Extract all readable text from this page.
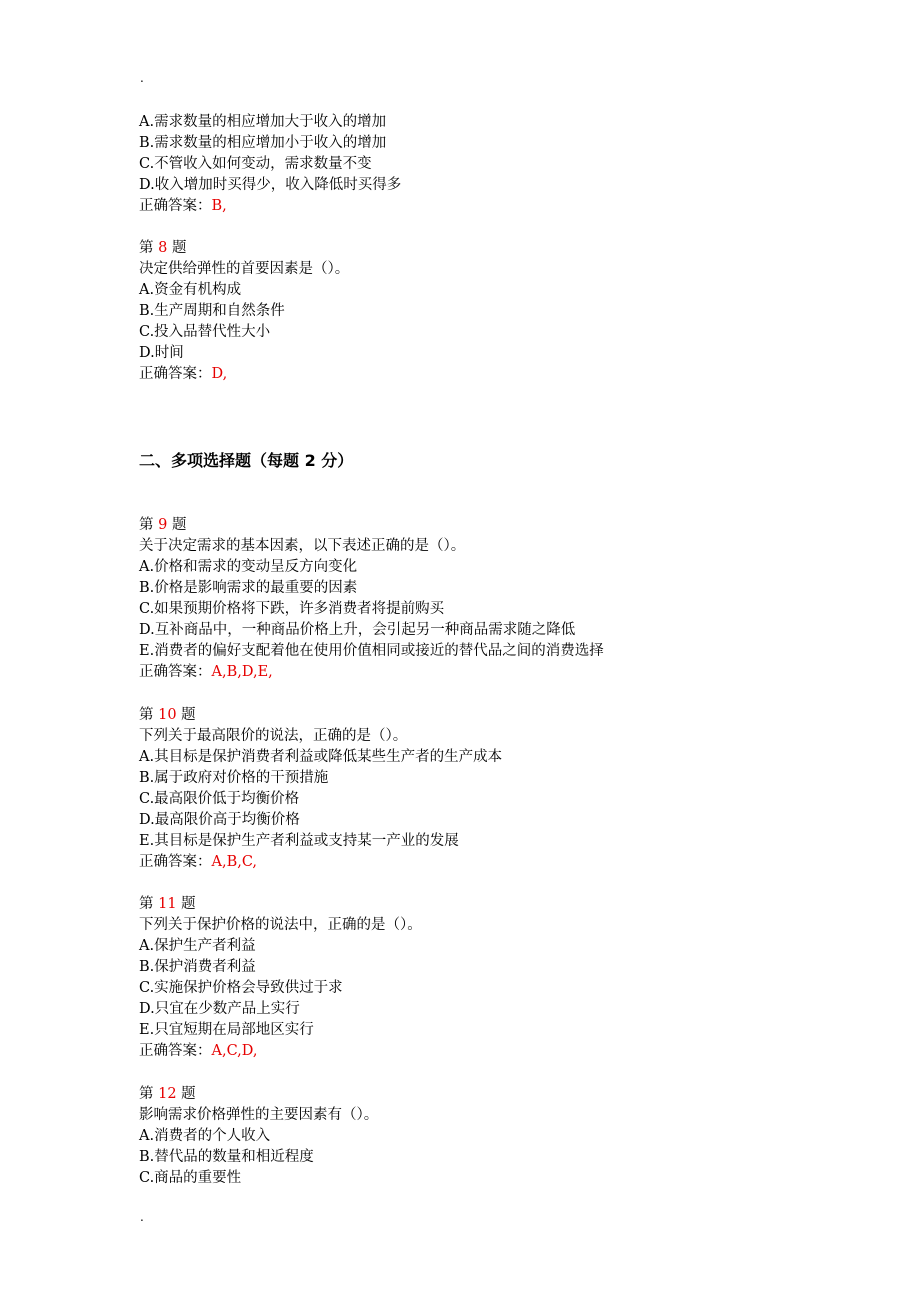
.
A.需求数量的相应增加大于收入的增加
B.需求数量的相应增加小于收入的增加
C.不管收入如何变动，需求数量不变
D.收入增加时买得少，收入降低时买得多
正确答案：B,
第 8 题
决定供给弹性的首要因素是（）。
A.资金有机构成
B.生产周期和自然条件
C.投入品替代性大小
D.时间
正确答案：D,
二、多项选择题（每题 2 分）
第 9 题
关于决定需求的基本因素，以下表述正确的是（）。
A.价格和需求的变动呈反方向变化
B.价格是影响需求的最重要的因素
C.如果预期价格将下跌，许多消费者将提前购买
D.互补商品中，一种商品价格上升，会引起另一种商品需求随之降低
E.消费者的偏好支配着他在使用价值相同或接近的替代品之间的消费选择
正确答案：A,B,D,E,
第 10 题
下列关于最高限价的说法，正确的是（）。
A.其目标是保护消费者利益或降低某些生产者的生产成本
B.属于政府对价格的干预措施
C.最高限价低于均衡价格
D.最高限价高于均衡价格
E.其目标是保护生产者利益或支持某一产业的发展
正确答案：A,B,C,
第 11 题
下列关于保护价格的说法中，正确的是（）。
A.保护生产者利益
B.保护消费者利益
C.实施保护价格会导致供过于求
D.只宜在少数产品上实行
E.只宜短期在局部地区实行
正确答案：A,C,D,
第 12 题
影响需求价格弹性的主要因素有（）。
A.消费者的个人收入
B.替代品的数量和相近程度
C.商品的重要性
.
